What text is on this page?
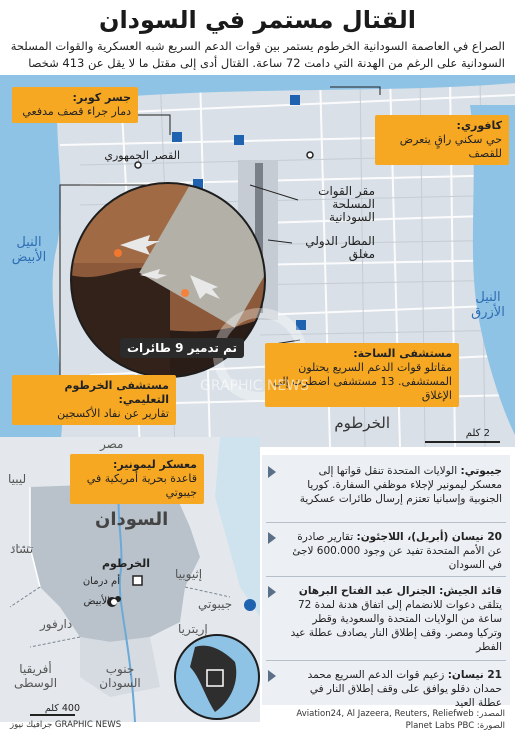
القتال مستمر في السودان
الصراع في العاصمة السودانية الخرطوم يستمر بين قوات الدعم السريع شبه العسكرية والقوات المسلحة السودانية على الرغم من الهدنة التي دامت 72 ساعة. القتال أدى إلى مقتل ما لا يقل عن 413 شخصا
جسر كوبر:
دمار جراء قصف مدفعي
كافوري:
حي سكني راقٍ يتعرض للقصف
مستشفى الساحة:
مقاتلو قوات الدعم السريع يحتلون المستشفى. 13 مستشفى اضطرت إلى الإغلاق
مستشفى الخرطوم التعليمي:
تقارير عن نفاد الأكسجين
القصر الجمهوري
مقر القوات المسلحة السودانية
المطار الدولي مغلق
النيل الأبيض
النيل الأزرق
الخرطوم
2 كلم
تم تدمير 9 طائرات
GRAPHIC NEWS
معسكر ليمونير:
قاعدة بحرية أمريكية في جيبوتي
ليبيا
مصر
السودان
تشاد
دارفور
أفريقيا الوسطى
جنوب السودان
إثيوبيا
جيبوتي
إريتريا
الخرطوم
أم درمان
الأبيض
400 كلم
جيبوتي: الولايات المتحدة تنقل قواتها إلى معسكر ليمونير لإجلاء موظفي السفارة. كوريا الجنوبية وإسبانيا تعتزم إرسال طائرات عسكرية
20 نيسان (أبريل)، اللاجئون: تقارير صادرة عن الأمم المتحدة تفيد عن وجود 600.000 لاجئ في السودان
قائد الجيش: الجنرال عبد الفتاح البرهان يتلقى دعوات للانضمام إلى اتفاق هدنة لمدة 72 ساعة من الولايات المتحدة والسعودية وقطر وتركيا ومصر. وقف إطلاق النار يصادف عطلة عيد الفطر
21 نيسان: زعيم قوات الدعم السريع محمد حمدان دقلو يوافق على وقف إطلاق النار في عطلة العيد
المصدر: Aviation24, Al Jazeera, Reuters, Reliefweb
الصورة: Planet Labs PBC
جرافيك نيوز GRAPHIC NEWS
